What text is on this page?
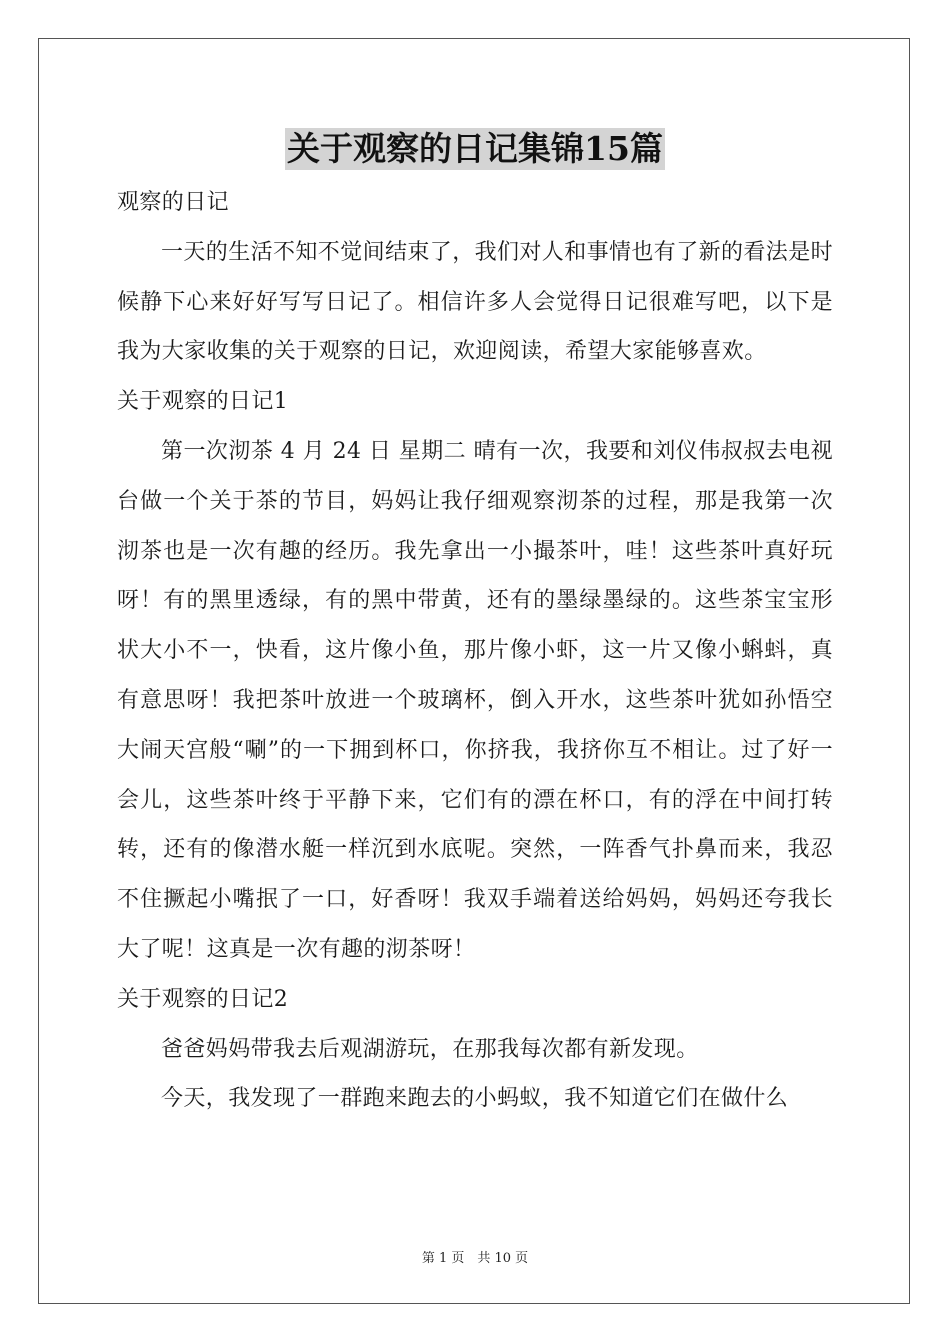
关于观察的日记集锦15篇

观察的日记

一天的生活不知不觉间结束了，我们对人和事情也有了新的看法是时候静下心来好好写写日记了。相信许多人会觉得日记很难写吧，以下是我为大家收集的关于观察的日记，欢迎阅读，希望大家能够喜欢。

关于观察的日记1

第一次沏茶 4 月 24 日 星期二 晴有一次，我要和刘仪伟叔叔去电视台做一个关于茶的节目，妈妈让我仔细观察沏茶的过程，那是我第一次沏茶也是一次有趣的经历。我先拿出一小撮茶叶，哇！这些茶叶真好玩呀！有的黑里透绿，有的黑中带黄，还有的墨绿墨绿的。这些茶宝宝形状大小不一，快看，这片像小鱼，那片像小虾，这一片又像小蝌蚪，真有意思呀！我把茶叶放进一个玻璃杯，倒入开水，这些茶叶犹如孙悟空大闹天宫般“唰”的一下拥到杯口，你挤我，我挤你互不相让。过了好一会儿，这些茶叶终于平静下来，它们有的漂在杯口，有的浮在中间打转转，还有的像潜水艇一样沉到水底呢。突然，一阵香气扑鼻而来，我忍不住撅起小嘴抿了一口，好香呀！我双手端着送给妈妈，妈妈还夸我长大了呢！这真是一次有趣的沏茶呀！

关于观察的日记2

爸爸妈妈带我去后观湖游玩，在那我每次都有新发现。

今天，我发现了一群跑来跑去的小蚂蚁，我不知道它们在做什么

第 1 页　共 10 页
